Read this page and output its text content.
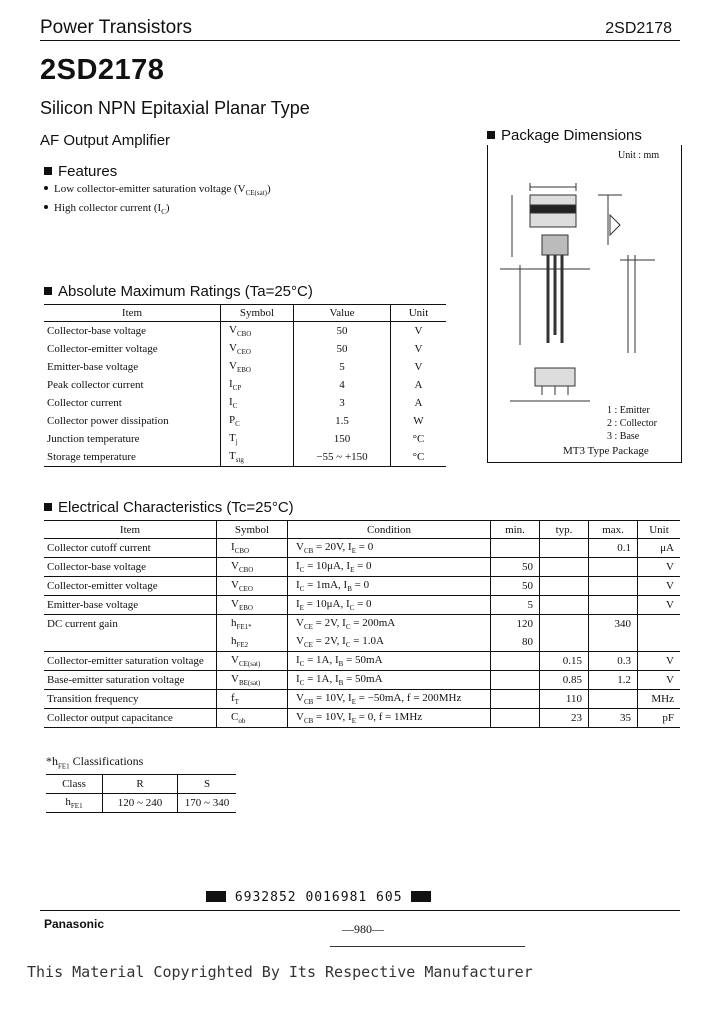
Power Transistors	2SD2178
2SD2178
Silicon NPN Epitaxial Planar Type
AF Output Amplifier
Features
Low collector-emitter saturation voltage $(V_{CE(sat)})$
High collector current $(I_C)$
Package Dimensions
Unit : mm
1 : Emitter
2 : Collector
3 : Base
MT3 Type Package
Absolute Maximum Ratings (Ta=25°C)
Item	Symbol	Value	Unit
Collector-base voltage	$V_{CBO}$	50	V
Collector-emitter voltage	$V_{CEO}$	50	V
Emitter-base voltage	$V_{EBO}$	5	V
Peak collector current	$I_{CP}$	4	A
Collector current	$I_C$	3	A
Collector power dissipation	$P_C$	1.5	W
Junction temperature	$T_j$	150	°C
Storage temperature	$T_{stg}$	−55 ~ +150	°C
Electrical Characteristics (Tc=25°C)
Item	Symbol	Condition	min.	typ.	max.	Unit
Collector cutoff current	$I_{CBO}$	$V_{CB} = 20V$, $I_E = 0$			0.1	μA
Collector-base voltage	$V_{CBO}$	$I_C = 10\mu A$, $I_E = 0$	50			V
Collector-emitter voltage	$V_{CEO}$	$I_C = 1mA$, $I_B = 0$	50			V
Emitter-base voltage	$V_{EBO}$	$I_E = 10\mu A$, $I_C = 0$	5			V
DC current gain	$h_{FE1*}$	$V_{CE} = 2V$, $I_C = 200mA$	120		340	
	$h_{FE2}$	$V_{CE} = 2V$, $I_C = 1.0A$	80			
Collector-emitter saturation voltage	$V_{CE(sat)}$	$I_C = 1A$, $I_B = 50mA$		0.15	0.3	V
Base-emitter saturation voltage	$V_{BE(sat)}$	$I_C = 1A$, $I_B = 50mA$		0.85	1.2	V
Transition frequency	$f_T$	$V_{CB} = 10V$, $I_E = -50mA$, f = 200MHz		110		MHz
Collector output capacitance	$C_{ob}$	$V_{CB} = 10V$, $I_E = 0$, f = 1MHz		23	35	pF
$*h_{FE1}$ Classifications
Class	R	S
$h_{FE1}$	120 ~ 240	170 ~ 340
6932852 0016981 605
Panasonic	—980—
This Material Copyrighted By Its Respective Manufacturer
